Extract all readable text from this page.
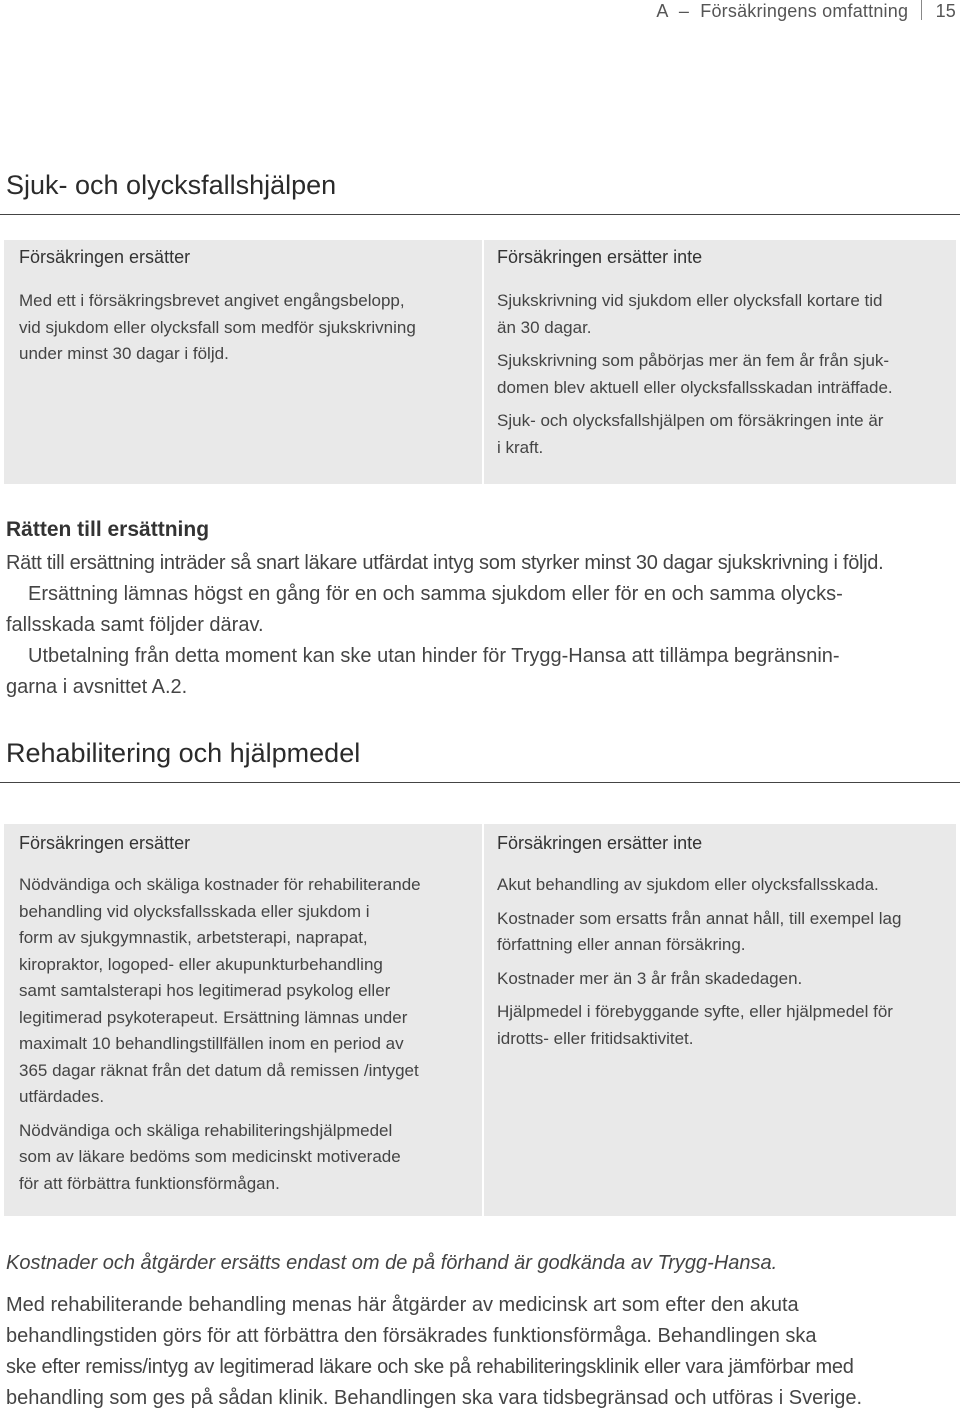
A – Försäkringens omfattning 15
Sjuk- och olycksfallshjälpen
Försäkringen ersätter
Med ett i försäkringsbrevet angivet engångsbelopp,
vid sjukdom eller olycksfall som medför sjukskrivning
under minst 30 dagar i följd.
Försäkringen ersätter inte

Sjukskrivning vid sjukdom eller olycksfall kortare tid
än 30 dagar.

Sjukskrivning som påbörjas mer än fem år från sjuk-
domen blev aktuell eller olycksfallsskadan inträffade.

Sjuk- och olycksfallshjälpen om försäkringen inte är
i kraft.

Rätten till ersättning

Rätt till ersättning inträder så snart läkare utfärdat intyg som styrker minst 30 dagar sjukskrivning i följd.

Ersättning lämnas högst en gång för en och samma sjukdom eller för en och samma olycks-

fallsskada samt följder därav.

Utbetalning från detta moment kan ske utan hinder för Trygg-Hansa att tillämpa begränsnin-

garna i avsnittet A.2.

Rehabilitering och hjälpmedel
Försäkringen ersätter

Nödvändiga och skäliga kostnader för rehabiliterande
behandling vid olycksfallsskada eller sjukdom i
form av sjukgymnastik, arbetsterapi, naprapat,
kiropraktor, logoped- eller akupunkturbehandling
samt samtalsterapi hos legitimerad psykolog eller
legitimerad psykoterapeut. Ersättning lämnas under
maximalt 10 behandlingstillfällen inom en period av
365 dagar räknat från det datum då remissen /intyget
utfärdades.

Nödvändiga och skäliga rehabiliteringshjälpmedel
som av läkare bedöms som medicinskt motiverade
för att förbättra funktionsförmågan.

Försäkringen ersätter inte

Akut behandling av sjukdom eller olycksfallsskada.

Kostnader som ersatts från annat håll, till exempel lag
författning eller annan försäkring.

Kostnader mer än 3 år från skadedagen.

Hjälpmedel i förebyggande syfte, eller hjälpmedel för
idrotts- eller fritidsaktivitet.

Kostnader och åtgärder ersätts endast om de på förhand är godkända av Trygg-Hansa.

Med rehabiliterande behandling menas här åtgärder av medicinsk art som efter den akuta

behandlingstiden görs för att förbättra den försäkrades funktionsförmåga. Behandlingen ska

ske efter remiss/intyg av legitimerad läkare och ske på rehabiliteringsklinik eller vara jämförbar med

behandling som ges på sådan klinik. Behandlingen ska vara tidsbegränsad och utföras i Sverige.
